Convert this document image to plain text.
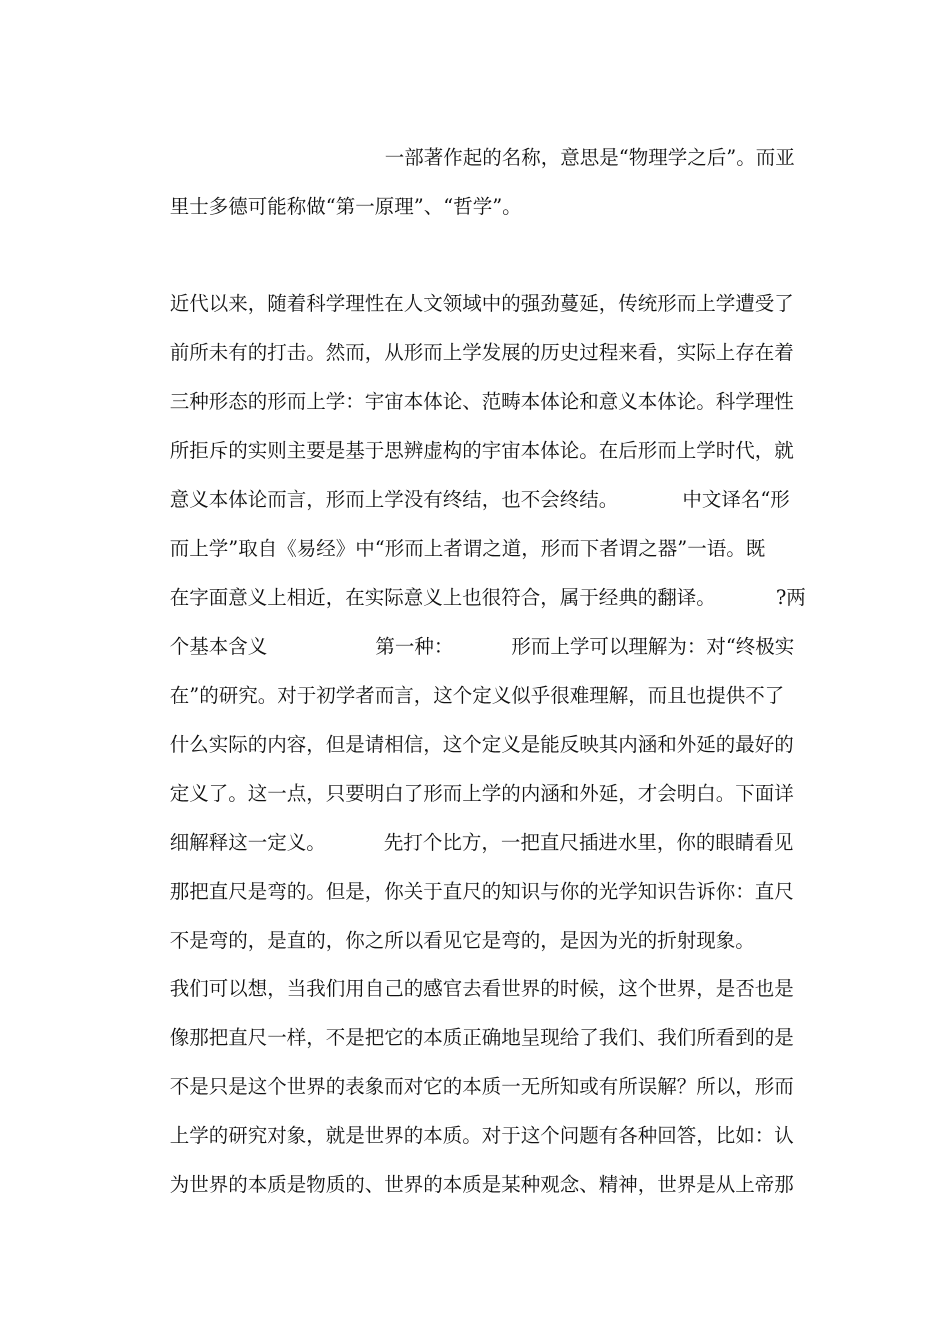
一部著作起的名称，意思是“物理学之后”。而亚

里士多德可能称做“第一原理”、“哲学”。

近代以来，随着科学理性在人文领域中的强劲蔓延，传统形而上学遭受了

前所未有的打击。然而，从形而上学发展的历史过程来看，实际上存在着

三种形态的形而上学：宇宙本体论、范畴本体论和意义本体论。科学理性

所拒斥的实则主要是基于思辨虚构的宇宙本体论。在后形而上学时代，就

意义本体论而言，形而上学没有终结，也不会终结。	中文译名“形

而上学”取自《易经》中“形而上者谓之道，形而下者谓之器”一语。既

在字面意义上相近，在实际意义上也很符合，属于经典的翻译。	?两

个基本含义	第一种：	形而上学可以理解为：对“终极实

在”的研究。对于初学者而言，这个定义似乎很难理解，而且也提供不了

什么实际的内容，但是请相信，这个定义是能反映其内涵和外延的最好的

定义了。这一点，只要明白了形而上学的内涵和外延，才会明白。下面详

细解释这一定义。	先打个比方，一把直尺插进水里，你的眼睛看见

那把直尺是弯的。但是，你关于直尺的知识与你的光学知识告诉你：直尺

不是弯的，是直的，你之所以看见它是弯的，是因为光的折射现象。

我们可以想，当我们用自己的感官去看世界的时候，这个世界，是否也是

像那把直尺一样，不是把它的本质正确地呈现给了我们、我们所看到的是

不是只是这个世界的表象而对它的本质一无所知或有所误解？所以，形而

上学的研究对象，就是世界的本质。对于这个问题有各种回答，比如：认

为世界的本质是物质的、世界的本质是某种观念、精神，世界是从上帝那
